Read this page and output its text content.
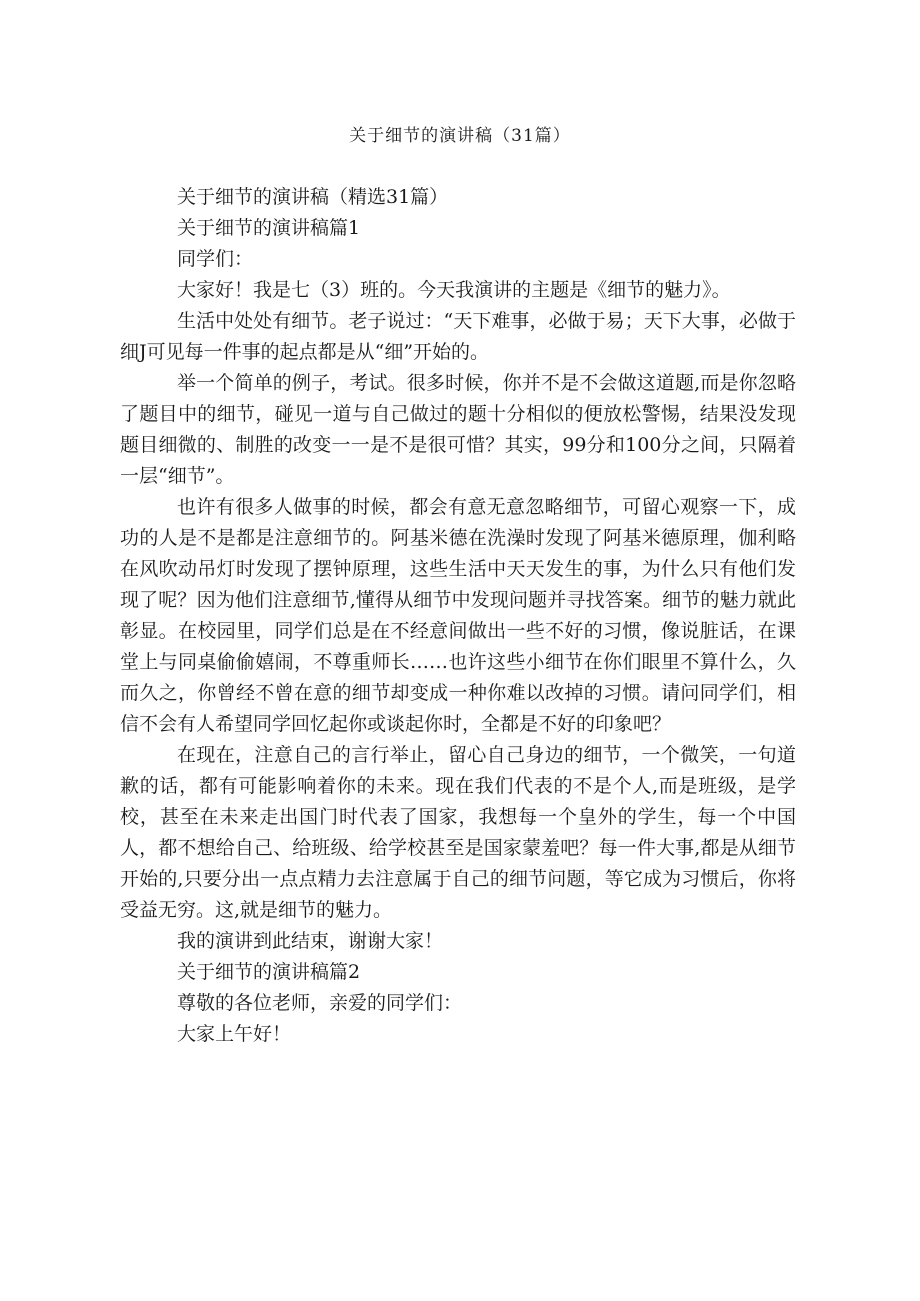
关于细节的演讲稿（31篇）

关于细节的演讲稿（精选31篇）

关于细节的演讲稿篇1

同学们：

大家好！我是七（3）班的。今天我演讲的主题是《细节的魅力》。

生活中处处有细节。老子说过：“天下难事，必做于易；天下大事，必做于细J可见每一件事的起点都是从“细”开始的。

举一个简单的例子，考试。很多时候，你并不是不会做这道题,而是你忽略了题目中的细节，碰见一道与自己做过的题十分相似的便放松警惕，结果没发现题目细微的、制胜的改变一一是不是很可惜？其实，99分和100分之间，只隔着一层“细节”。

也许有很多人做事的时候，都会有意无意忽略细节，可留心观察一下，成功的人是不是都是注意细节的。阿基米德在洗澡时发现了阿基米德原理，伽利略在风吹动吊灯时发现了摆钟原理，这些生活中天天发生的事，为什么只有他们发现了呢？因为他们注意细节,懂得从细节中发现问题并寻找答案。细节的魅力就此彰显。在校园里，同学们总是在不经意间做出一些不好的习惯，像说脏话，在课堂上与同桌偷偷嬉闹，不尊重师长……也许这些小细节在你们眼里不算什么，久而久之，你曾经不曾在意的细节却变成一种你难以改掉的习惯。请问同学们，相信不会有人希望同学回忆起你或谈起你时，全都是不好的印象吧？

在现在，注意自己的言行举止，留心自己身边的细节，一个微笑，一句道歉的话，都有可能影响着你的未来。现在我们代表的不是个人,而是班级，是学校，甚至在未来走出国门时代表了国家，我想每一个皇外的学生，每一个中国人，都不想给自己、给班级、给学校甚至是国家蒙羞吧？每一件大事,都是从细节开始的,只要分出一点点精力去注意属于自己的细节问题，等它成为习惯后，你将受益无穷。这,就是细节的魅力。

我的演讲到此结束，谢谢大家！

关于细节的演讲稿篇2

尊敬的各位老师，亲爱的同学们：

大家上午好！
